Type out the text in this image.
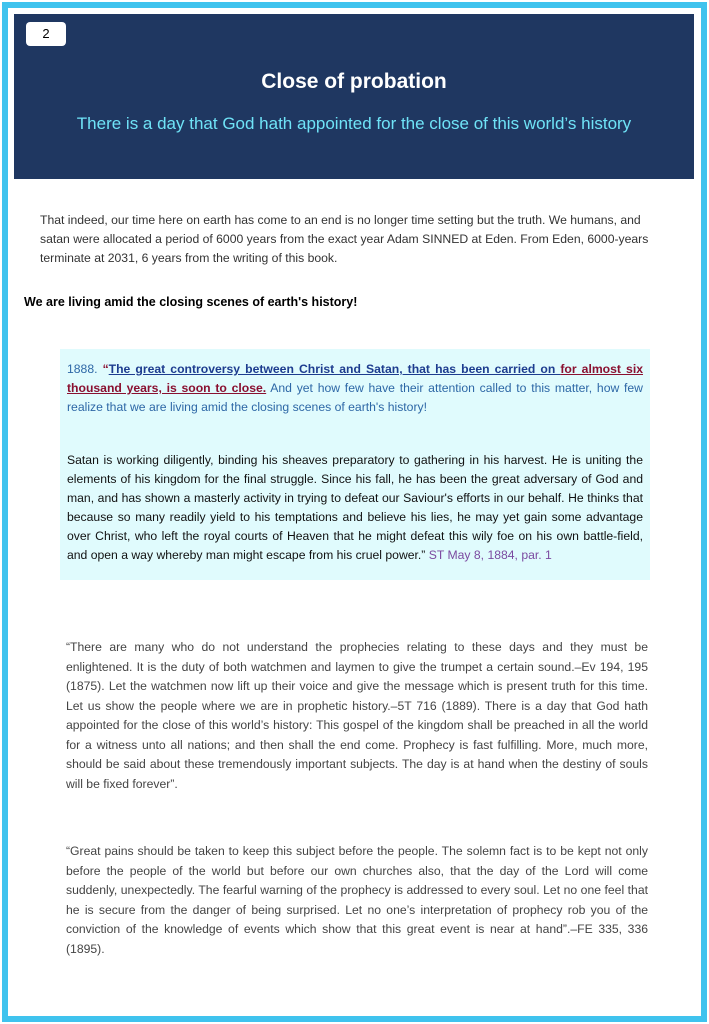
2
Close of probation
There is a day that God hath appointed for the close of this world’s history
That indeed, our time here on earth has come to an end is no longer time setting but the truth. We humans, and satan were allocated a period of 6000 years from the exact year Adam SINNED at Eden. From Eden, 6000-years terminate at 2031, 6 years from the writing of this book.
We are living amid the closing scenes of earth's history!
1888. “The great controversy between Christ and Satan, that has been carried on for almost six thousand years, is soon to close. And yet how few have their attention called to this matter, how few realize that we are living amid the closing scenes of earth's history!
Satan is working diligently, binding his sheaves preparatory to gathering in his harvest. He is uniting the elements of his kingdom for the final struggle. Since his fall, he has been the great adversary of God and man, and has shown a masterly activity in trying to defeat our Saviour's efforts in our behalf. He thinks that because so many readily yield to his temptations and believe his lies, he may yet gain some advantage over Christ, who left the royal courts of Heaven that he might defeat this wily foe on his own battle-field, and open a way whereby man might escape from his cruel power.” ST May 8, 1884, par. 1
“There are many who do not understand the prophecies relating to these days and they must be enlightened. It is the duty of both watchmen and laymen to give the trumpet a certain sound.–Ev 194, 195 (1875). Let the watchmen now lift up their voice and give the message which is present truth for this time. Let us show the people where we are in prophetic history.–5T 716 (1889). There is a day that God hath appointed for the close of this world’s history: This gospel of the kingdom shall be preached in all the world for a witness unto all nations; and then shall the end come. Prophecy is fast fulfilling. More, much more, should be said about these tremendously important subjects. The day is at hand when the destiny of souls will be fixed forever”.
“Great pains should be taken to keep this subject before the people. The solemn fact is to be kept not only before the people of the world but before our own churches also, that the day of the Lord will come suddenly, unexpectedly. The fearful warning of the prophecy is addressed to every soul. Let no one feel that he is secure from the danger of being surprised. Let no one’s interpretation of prophecy rob you of the conviction of the knowledge of events which show that this great event is near at hand”.–FE 335, 336 (1895).
